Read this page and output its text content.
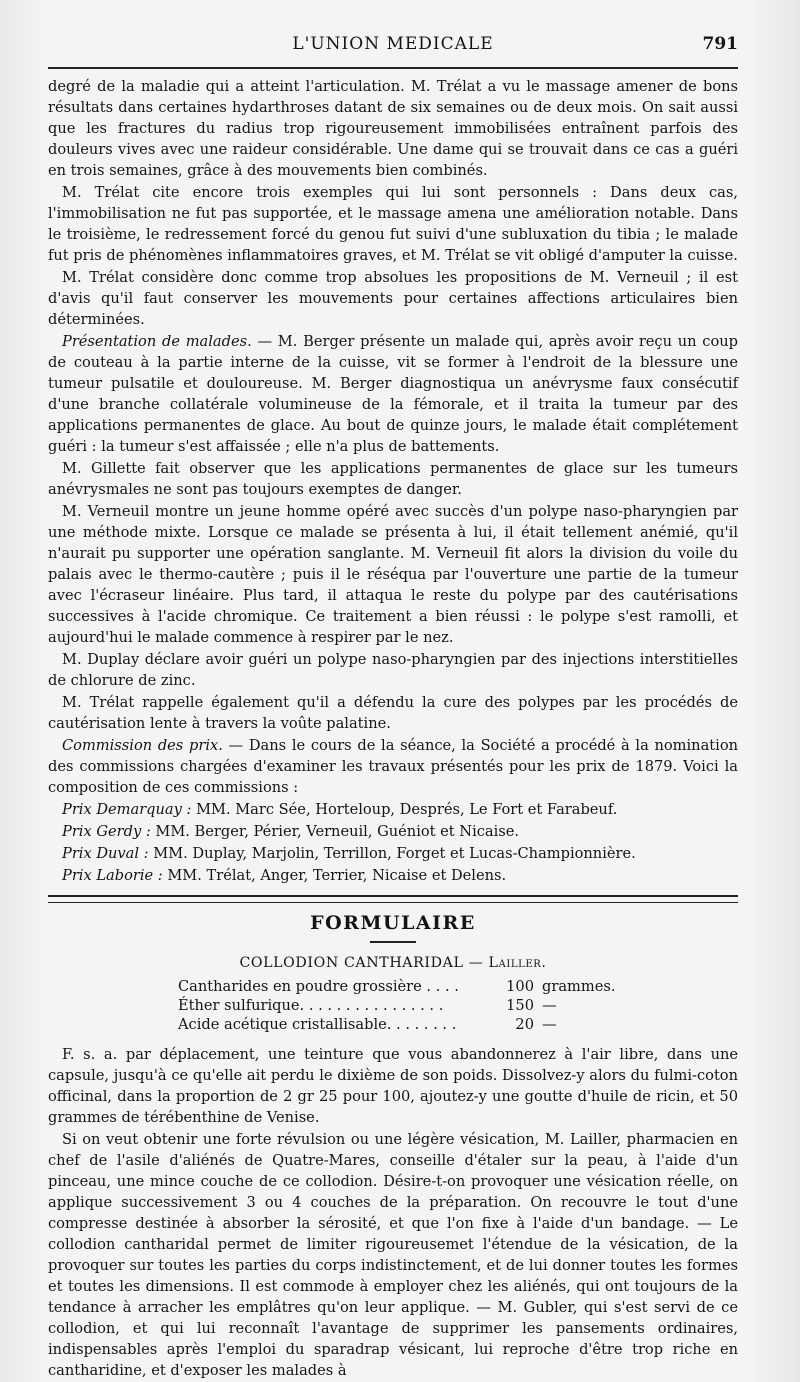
L'UNION MEDICALE	791

degré de la maladie qui a atteint l'articulation. M. Trélat a vu le massage amener de bons résultats dans certaines hydarthroses datant de six semaines ou de deux mois. On sait aussi que les fractures du radius trop rigoureusement immobilisées entraînent parfois des douleurs vives avec une raideur considérable. Une dame qui se trouvait dans ce cas a guéri en trois semaines, grâce à des mouvements bien combinés.

M. Trélat cite encore trois exemples qui lui sont personnels : Dans deux cas, l'immobilisation ne fut pas supportée, et le massage amena une amélioration notable. Dans le troisième, le redressement forcé du genou fut suivi d'une subluxation du tibia ; le malade fut pris de phénomènes inflammatoires graves, et M. Trélat se vit obligé d'amputer la cuisse.

M. Trélat considère donc comme trop absolues les propositions de M. Verneuil ; il est d'avis qu'il faut conserver les mouvements pour certaines affections articulaires bien déterminées.

Présentation de malades. — M. Berger présente un malade qui, après avoir reçu un coup de couteau à la partie interne de la cuisse, vit se former à l'endroit de la blessure une tumeur pulsatile et douloureuse. M. Berger diagnostiqua un anévrysme faux consécutif d'une branche collatérale volumineuse de la fémorale, et il traita la tumeur par des applications permanentes de glace. Au bout de quinze jours, le malade était complétement guéri : la tumeur s'est affaissée ; elle n'a plus de battements.

M. Gillette fait observer que les applications permanentes de glace sur les tumeurs anévrysmales ne sont pas toujours exemptes de danger.

M. Verneuil montre un jeune homme opéré avec succès d'un polype naso-pharyngien par une méthode mixte. Lorsque ce malade se présenta à lui, il était tellement anémié, qu'il n'aurait pu supporter une opération sanglante. M. Verneuil fit alors la division du voile du palais avec le thermo-cautère ; puis il le réséqua par l'ouverture une partie de la tumeur avec l'écraseur linéaire. Plus tard, il attaqua le reste du polype par des cautérisations successives à l'acide chromique. Ce traitement a bien réussi : le polype s'est ramolli, et aujourd'hui le malade commence à respirer par le nez.

M. Duplay déclare avoir guéri un polype naso-pharyngien par des injections interstitielles de chlorure de zinc.

M. Trélat rappelle également qu'il a défendu la cure des polypes par les procédés de cautérisation lente à travers la voûte palatine.

Commission des prix. — Dans le cours de la séance, la Société a procédé à la nomination des commissions chargées d'examiner les travaux présentés pour les prix de 1879. Voici la composition de ces commissions :

Prix Demarquay : MM. Marc Sée, Horteloup, Després, Le Fort et Farabeuf.
Prix Gerdy : MM. Berger, Périer, Verneuil, Guéniot et Nicaise.
Prix Duval : MM. Duplay, Marjolin, Terrillon, Forget et Lucas-Championnière.
Prix Laborie : MM. Trélat, Anger, Terrier, Nicaise et Delens.
FORMULAIRE
COLLODION CANTHARIDAL — Lailler.
Cantharides en poudre grossière . . . .	100 grammes.
Éther sulfurique. . . . . . . . . . . . . . . .	150 —
Acide acétique cristallisable. . . . . . . .	20 —

F. s. a. par déplacement, une teinture que vous abandonnerez à l'air libre, dans une capsule, jusqu'à ce qu'elle ait perdu le dixième de son poids. Dissolvez-y alors du fulmi-coton officinal, dans la proportion de 2 gr 25 pour 100, ajoutez-y une goutte d'huile de ricin, et 50 grammes de térébenthine de Venise.

Si on veut obtenir une forte révulsion ou une légère vésication, M. Lailler, pharmacien en chef de l'asile d'aliénés de Quatre-Mares, conseille d'étaler sur la peau, à l'aide d'un pinceau, une mince couche de ce collodion. Désire-t-on provoquer une vésication réelle, on applique successivement 3 ou 4 couches de la préparation. On recouvre le tout d'une compresse destinée à absorber la sérosité, et que l'on fixe à l'aide d'un bandage. — Le collodion cantharidal permet de limiter rigoureusemet l'étendue de la vésication, de la provoquer sur toutes les parties du corps indistinctement, et de lui donner toutes les formes et toutes les dimensions. Il est commode à employer chez les aliénés, qui ont toujours de la tendance à arracher les emplâtres qu'on leur applique. — M. Gubler, qui s'est servi de ce collodion, et qui lui reconnaît l'avantage de supprimer les pansements ordinaires, indispensables après l'emploi du sparadrap vésicant, lui reproche d'être trop riche en cantharidine, et d'exposer les malades à
